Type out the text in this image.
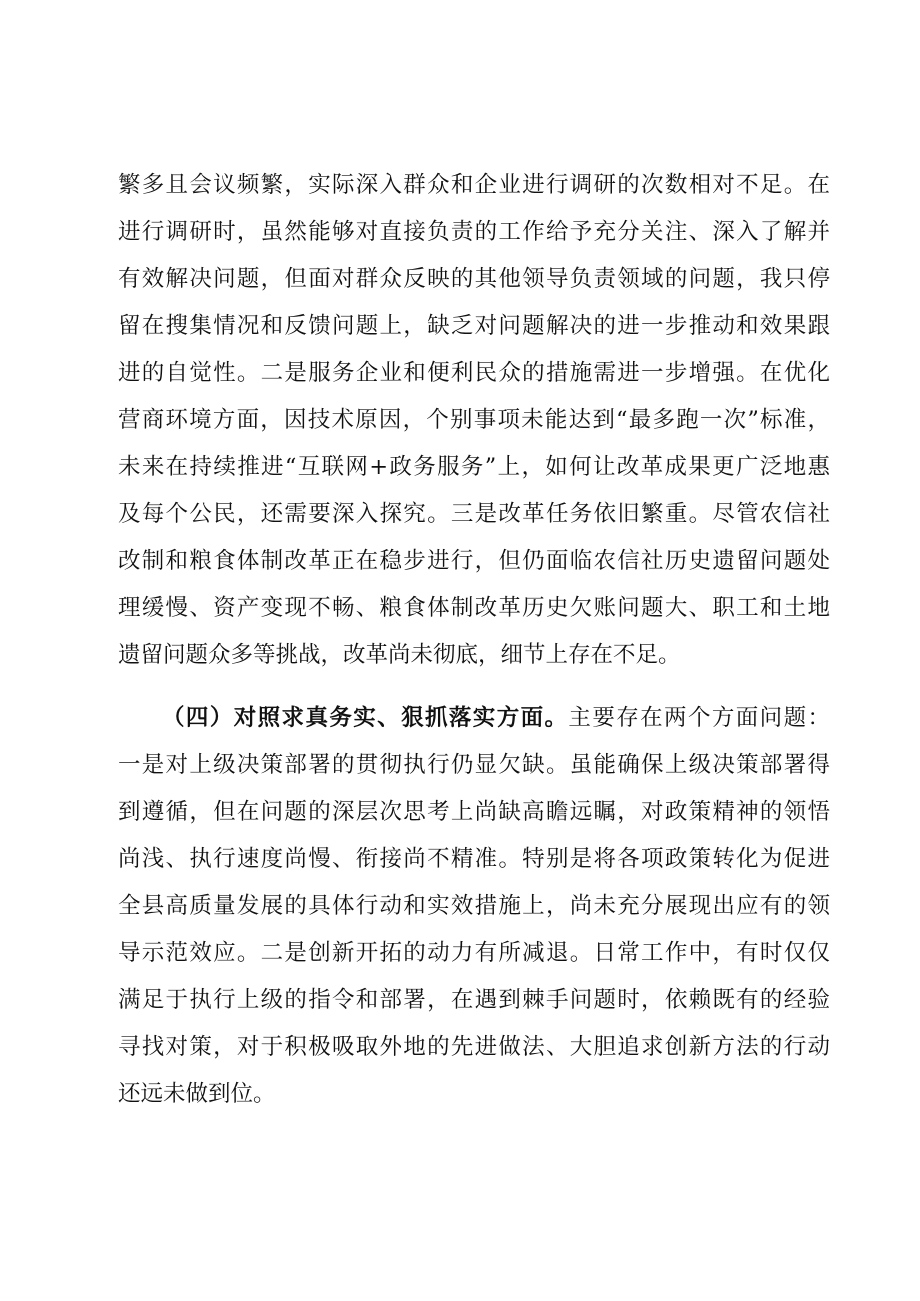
繁多且会议频繁，实际深入群众和企业进行调研的次数相对不足。在
进行调研时，虽然能够对直接负责的工作给予充分关注、深入了解并
有效解决问题，但面对群众反映的其他领导负责领域的问题，我只停
留在搜集情况和反馈问题上，缺乏对问题解决的进一步推动和效果跟
进的自觉性。二是服务企业和便利民众的措施需进一步增强。在优化
营商环境方面，因技术原因，个别事项未能达到“最多跑一次”标准，
未来在持续推进“互联网+政务服务”上，如何让改革成果更广泛地惠
及每个公民，还需要深入探究。三是改革任务依旧繁重。尽管农信社
改制和粮食体制改革正在稳步进行，但仍面临农信社历史遗留问题处
理缓慢、资产变现不畅、粮食体制改革历史欠账问题大、职工和土地
遗留问题众多等挑战，改革尚未彻底，细节上存在不足。
（四）对照求真务实、狠抓落实方面。主要存在两个方面问题：
一是对上级决策部署的贯彻执行仍显欠缺。虽能确保上级决策部署得
到遵循，但在问题的深层次思考上尚缺高瞻远瞩，对政策精神的领悟
尚浅、执行速度尚慢、衔接尚不精准。特别是将各项政策转化为促进
全县高质量发展的具体行动和实效措施上，尚未充分展现出应有的领
导示范效应。二是创新开拓的动力有所减退。日常工作中，有时仅仅
满足于执行上级的指令和部署，在遇到棘手问题时，依赖既有的经验
寻找对策，对于积极吸取外地的先进做法、大胆追求创新方法的行动
还远未做到位。
